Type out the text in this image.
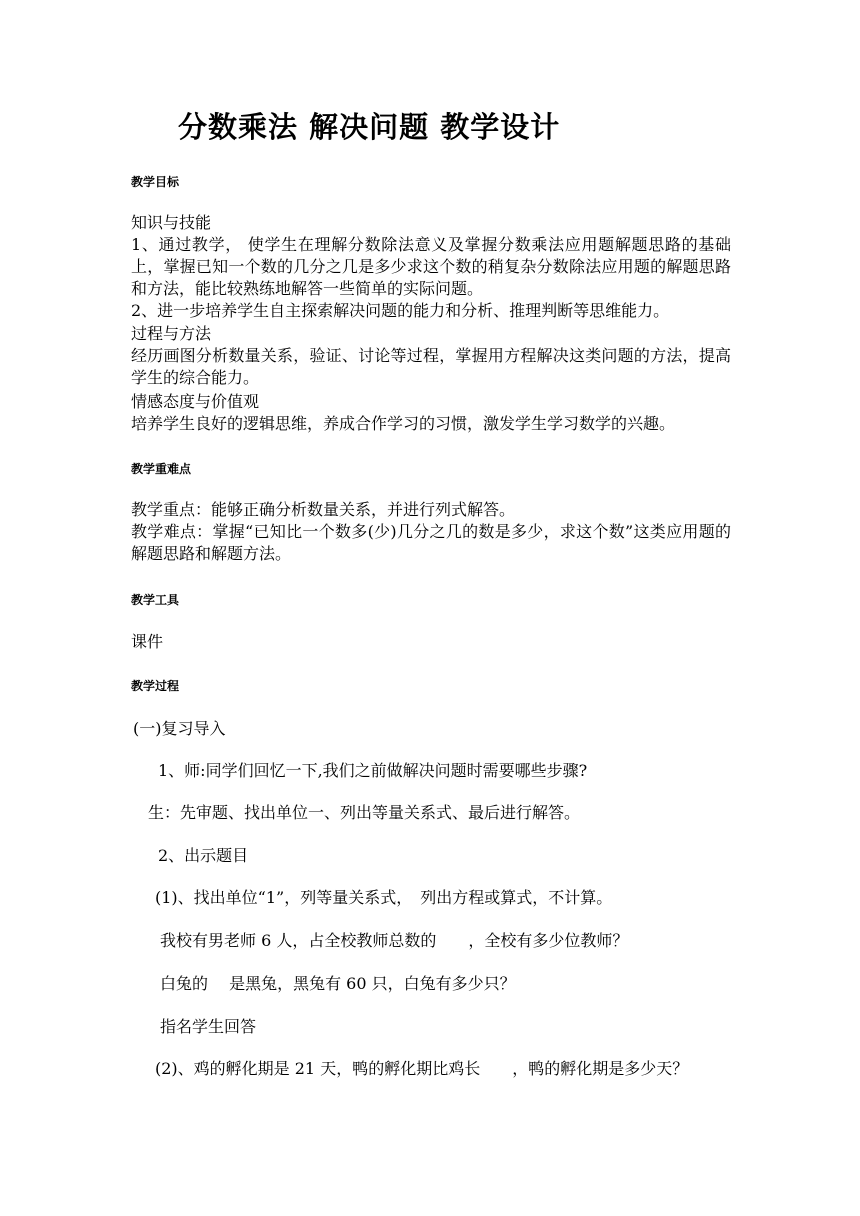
分数乘法 解决问题 教学设计
教学目标
知识与技能
1、通过教学， 使学生在理解分数除法意义及掌握分数乘法应用题解题思路的基础上，掌握已知一个数的几分之几是多少求这个数的稍复杂分数除法应用题的解题思路和方法，能比较熟练地解答一些简单的实际问题。
2、进一步培养学生自主探索解决问题的能力和分析、推理判断等思维能力。
过程与方法
经历画图分析数量关系，验证、讨论等过程，掌握用方程解决这类问题的方法，提高学生的综合能力。
情感态度与价值观
培养学生良好的逻辑思维，养成合作学习的习惯，激发学生学习数学的兴趣。
教学重难点
教学重点：能够正确分析数量关系，并进行列式解答。
教学难点：掌握“已知比一个数多(少)几分之几的数是多少，求这个数”这类应用题的解题思路和解题方法。
教学工具
课件
教学过程
(一)复习导入
1、师:同学们回忆一下,我们之前做解决问题时需要哪些步骤?
生：先审题、找出单位一、列出等量关系式、最后进行解答。
2、出示题目
(1)、找出单位“1”，列等量关系式，　列出方程或算式，不计算。
我校有男老师 6 人，占全校教师总数的　　，全校有多少位教师？
白兔的　 是黑兔，黑兔有 60 只，白兔有多少只？
指名学生回答
(2)、鸡的孵化期是 21 天，鸭的孵化期比鸡长　　，鸭的孵化期是多少天？
